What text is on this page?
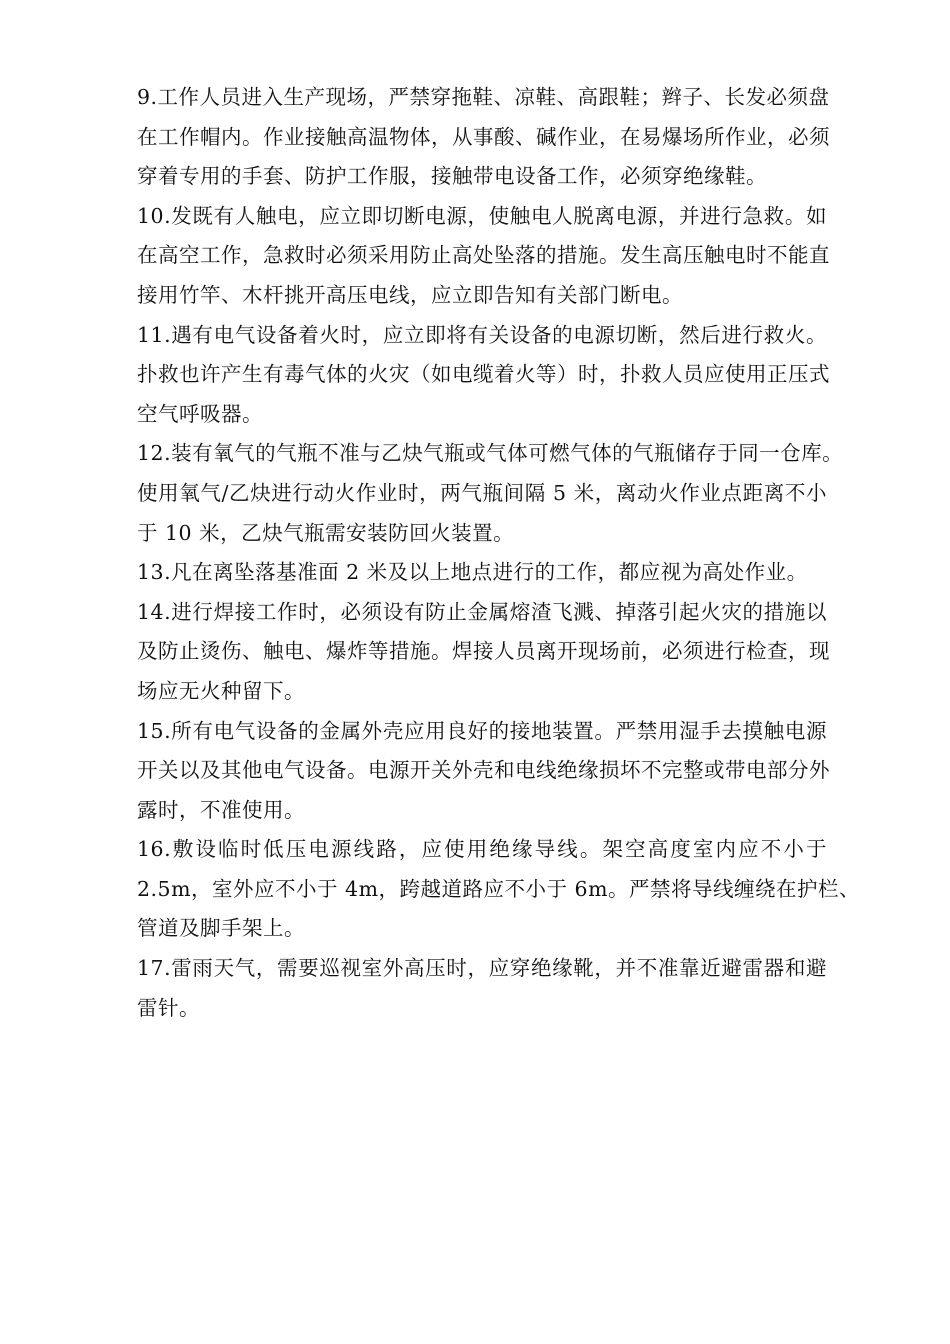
9.工作人员进入生产现场，严禁穿拖鞋、凉鞋、高跟鞋；辫子、长发必须盘
在工作帽内。作业接触高温物体，从事酸、碱作业，在易爆场所作业，必须
穿着专用的手套、防护工作服，接触带电设备工作，必须穿绝缘鞋。
10.发既有人触电，应立即切断电源，使触电人脱离电源，并进行急救。如
在高空工作，急救时必须采用防止高处坠落的措施。发生高压触电时不能直
接用竹竿、木杆挑开高压电线，应立即告知有关部门断电。
11.遇有电气设备着火时，应立即将有关设备的电源切断，然后进行救火。
扑救也许产生有毒气体的火灾（如电缆着火等）时，扑救人员应使用正压式
空气呼吸器。
12.装有氧气的气瓶不准与乙炔气瓶或气体可燃气体的气瓶储存于同一仓库。
使用氧气/乙炔进行动火作业时，两气瓶间隔 5 米，离动火作业点距离不小
于 10 米，乙炔气瓶需安装防回火装置。
13.凡在离坠落基准面 2 米及以上地点进行的工作，都应视为高处作业。
14.进行焊接工作时，必须设有防止金属熔渣飞溅、掉落引起火灾的措施以
及防止烫伤、触电、爆炸等措施。焊接人员离开现场前，必须进行检查，现
场应无火种留下。
15.所有电气设备的金属外壳应用良好的接地装置。严禁用湿手去摸触电源
开关以及其他电气设备。电源开关外壳和电线绝缘损坏不完整或带电部分外
露时，不准使用。
16.敷设临时低压电源线路，应使用绝缘导线。架空高度室内应不小于
2.5m，室外应不小于 4m，跨越道路应不小于 6m。严禁将导线缠绕在护栏、
管道及脚手架上。
17.雷雨天气，需要巡视室外高压时，应穿绝缘靴，并不准靠近避雷器和避
雷针。
